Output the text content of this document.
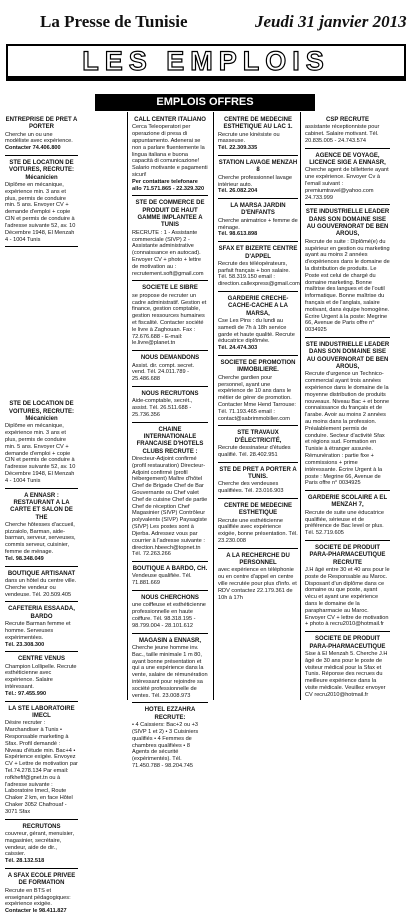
La Presse de Tunisie	Jeudi 31 janvier 2013
LES EMPLOIS
EMPLOIS OFFRES
ENTREPRISE DE PRET A PORTER
Cherche un ou une modéliste avec expérience.
Contacter 74.406.800
STE DE LOCATION DE VOITURES, RECRUTE: Mécanicien
Diplôme en mécanique, expérience min. 3 ans et plus, permis de conduire min. 5 ans. Envoyer CV + demande d'emploi + copie CIN et permis de conduire à l'adresse suivante 52, av. 10 Décembre 1948, El Menzah 4 - 1004 Tunis
STE DE LOCATION DE VOITURES, RECRUTE: Mécanicien
Diplôme en mécanique, expérience min. 3 ans et plus, permis de conduire min. 5 ans. Envoyer CV + demande d'emploi + copie CIN et permis de conduire à l'adresse suivante 52, av. 10 Décembre 1948, El Menzah 4 - 1004 Tunis
A ENNASR : RESTAURANT A LA CARTE ET SALON DE THE
Cherche hôtesses d'accueil, pizzaiolo, Barman, aide-barman, serveur, serveuses, commis serveur, cuisinier, femme de ménage.
Tel. 98.348.049
BOUTIQUE ARTISANAT
dans un hôtel du centre ville. Cherche vendeur ou vendeuse. Tél. 20.509.405
CAFETERIA ESSAADA, BARDO
Recrute Barman femme et homme. Serveuses expérimentées.
Tél. 23.308.300
CENTRE VENUS
Champion Lollipelle. Recrute esthéticienne avec expérience. Salaire intéressant.
Tél.: 97.455.990
LA STE LABORATOIRE IMECL
Désire recruter : Marchandiser à Tunis • Responsable marketing à Sfax. Profil demandé : Niveau d'étude min. Bac+4 • Expérience exigée. Envoyez CV + Lettre de motivation par Tel.74.278.134 Par email: rofkhefif@gnet.tn ou à l'adresse suivante : Laboratoire Imecl, Route Chaker 2 km, en face Hôtel Chaker 3052 Chafrouaf - 3071 Sfax
RECRUTONS
couvreur, gérant, menuisier, magasinier, secrétaire, vendeur, aide de dir., caissier.
Tél. 28.132.518
A SFAX ECOLE PRIVEE DE FORMATION
Recrute en BTS et enseignant pédagogiques: expérience exigée.
Contacter le 98.411.827
CALL CENTER ITALIANO
Cerca Teleoperatori per operazione di presa di appuntamento. Adenerai se non a parlare fluentemente la lingua italiana e buona capacità di comunicazione! Salario motivante e pagamenti sicuri!
Per contattare telefonare allo 71.571.865 - 22.329.320
STE DE COMMERCE DE PRODUIT DE HAUT GAMME IMPLANTEE A TUNIS
RECRUTE : 1 - Assistante commerciale (SIVP) 2 - Assistante administrative (connaissance en autocad). Envoyer CV + photo + lettre de motivation au : recrutement.soft@gmail.com
SOCIETE LE SIBRE
se propose de recruter un cadre administratif. Gestion et finance, gestion comptable, gestion ressources humaines et fiscalité. Contacter société le livre à Zaghouan. Fax : 72.676.688 - E-mail: le.livre@planet.tn
NOUS DEMANDONS
Assist. dir. compt. secret. vend. Tél. 24.011.789 - 25.486.688
NOUS RECRUTONS
Aide-comptable, secrét., assist. Tél. 26.511.688 - 25.736.356
CHAINE INTERNATIONALE FRANCAISE D'HOTELS CLUBS RECRUTE :
Directeur-Adjoint confirmé (profil restauration) Directeur-Adjoint confirmé (profil hébergement) Maître d'hôtel Chef de Brigade Chef de Bar Gouvernante ou Chef valet Chef de cuisine Chef de partie Chef de réception Chef Magasinier (SIVP) Contrôleur polyvalents (SIVP) Paysagiste (SIVP) Les postes sont à Djerba. Adressez vous par courrier à l'adresse suivante : direction.hbeech@topnet.tn Tél. 72.263.266
BOUTIQUE A BARDO, CH.
Vendeuse qualifiée. Tél. 71.881.669
NOUS CHERCHONS
une coiffeuse et esthéticienne professionnelle en haute coiffure. Tél. 98.318.195 - 98.799.004 - 28.101.612
MAGASIN à ENNASR,
Cherche jeune homme inv. Bac., taille minimale 1 m 80, ayant bonne présentation et qui a une expérience dans la vente, salaire de rémunération intéressant pour rejoindre sa société professionnelle de ventes. Tél. 23.008.973
HOTEL EZZAHRA RECRUTE:
• 4 Caissiers: Bac+2 ou +3 (SIVP 1 et 2) • 3 Cuisiniers qualifiés • 4 Femmes de chambres qualifiées • 8 Agents de sécurité (expérimentés). Tél. 71.450.788 - 98.204.745
CENTRE DE MEDECINE ESTHETIQUE AU LAC 1.
Recrute une kinésiste ou masseuse.
Tél. 22.309.335
STATION LAVAGE MENZAH 8
Cherche professionnel lavage intérieur auto.
Tél. 26.082.204
LA MARSA JARDIN D'ENFANTS
Cherche animatrice + femme de ménage.
Tél. 98.613.898
SFAX ET BIZERTE CENTRE D'APPEL
Recrute des téléopérateurs, parfait français + bon salaire. Tél. 58.319.150 email : direction.callexpress@gmail.com
GARDERIE CRECHE-CACHE-CACHE A LA MARSA,
Cse Les Pins : du lundi au samedi de 7h à 18h service garde et haute qualité. Recrute éducatrice diplômée.
Tél. 24.474.303
SOCIETE DE PROMOTION IMMOBILIERE.
Cherche gardien pour personnel, ayant une expérience de 10 ans dans le métier de gérer de promotion. Contacter Mme Hend Tarrouse: Tél. 71.193.465 email : contact@sabrimmobilier.com
STE TRAVAUX D'ÉLECTRICITÉ,
Recrute dessinateur d'études qualifié. Tél. 28.402.951
STE DE PRET A PORTER A TUNIS.
Cherche des vendeuses qualifiées. Tél. 23.016.903
CENTRE DE MEDECINE ESTHETIQUE
Recrute une esthéticienne qualifiée avec expérience exigée, bonne présentation. Tél. 23.230.008
A LA RECHERCHE DU PERSONNEL
avec expérience en téléphonie ou en centre d'appel en centre ville recrutée pour plus d'info. et RDV contactez 22.179.361 de 10h à 17h
CSP RECRUTE
assistante réceptionniste pour cabinet. Salaire motivant. Tél. 20.835.005 - 24.743.574
AGENCE DE VOYAGE, LICENCE SIGE A ENNASR,
Cherche agent de billetterie ayant une expérience. Envoyer Cv à l'email suivant : premiumtravel@yahoo.com 24.733.999
STE INDUSTRIELLE LEADER DANS SON DOMAINE SISE AU GOUVERNORAT DE BEN AROUS,
Recrute de suite : Diplômé(e) du supérieur en gestion ou marketing ayant au moins 2 années d'expériences dans le domaine de la distribution de produits. Le Poste est celui de chargé du domaine marketing. Bonne maîtrise des langues et de l'outil informatique. Bonne maîtrise du français et de l'anglais, salaire motivant, dans équipe homogène. Écrire Urgent à la poste: Megrine 66, Avenue de Paris offre n° 0034925
STE INDUSTRIELLE LEADER DANS SON DOMAINE SISE AU GOUVERNORAT DE BEN AROUS,
Recrute d'urgence un Technico-commercial ayant trois années expérience dans le domaine de la moyenne distribution de produits nouveaux. Niveau Bac + et bonne connaissance du français et de l'arabe. Avoir au moins 2 années au moins dans la profession. Préalablement permis de conduire. Secteur d'activité Sfax et régions sud. Formation en Tunisie à étranger assurée. Rémunération : partie fixe + commissions + prime intéressante. Écrire Urgent à la poste : Megrine 66, Avenue de Paris offre n° 0034925
GARDERIE SCOLAIRE A EL MENZAH 7,
Recrute de suite une éducatrice qualifiée, sérieuse et de préférence de Bac level or plus. Tél. 52.719.605
SOCIETE DE PRODUIT PARA-PHARMACEUTIQUE RECRUTE
J.H âgé entre 30 et 40 ans pour le poste de Responsable au Maroc. Disposant d'un diplôme dans ce domaine ou que poste, ayant vécu et ayant une expérience dans le domaine de la parapharmacie au Maroc. Envoyer CV + lettre de motivation + photo à recru2010@hotmail.fr
SOCIETE DE PRODUIT PARA-PHARMACEUTIQUE
Sise à El Menzah 5. Cherche J.H âgé de 30 ans pour le poste de visiteur médical pour la Sfax et Tunis. Réponse des recrues du meilleure expérience dans la visite médicale. Veuillez envoyer CV recru2010@hotmail.fr
